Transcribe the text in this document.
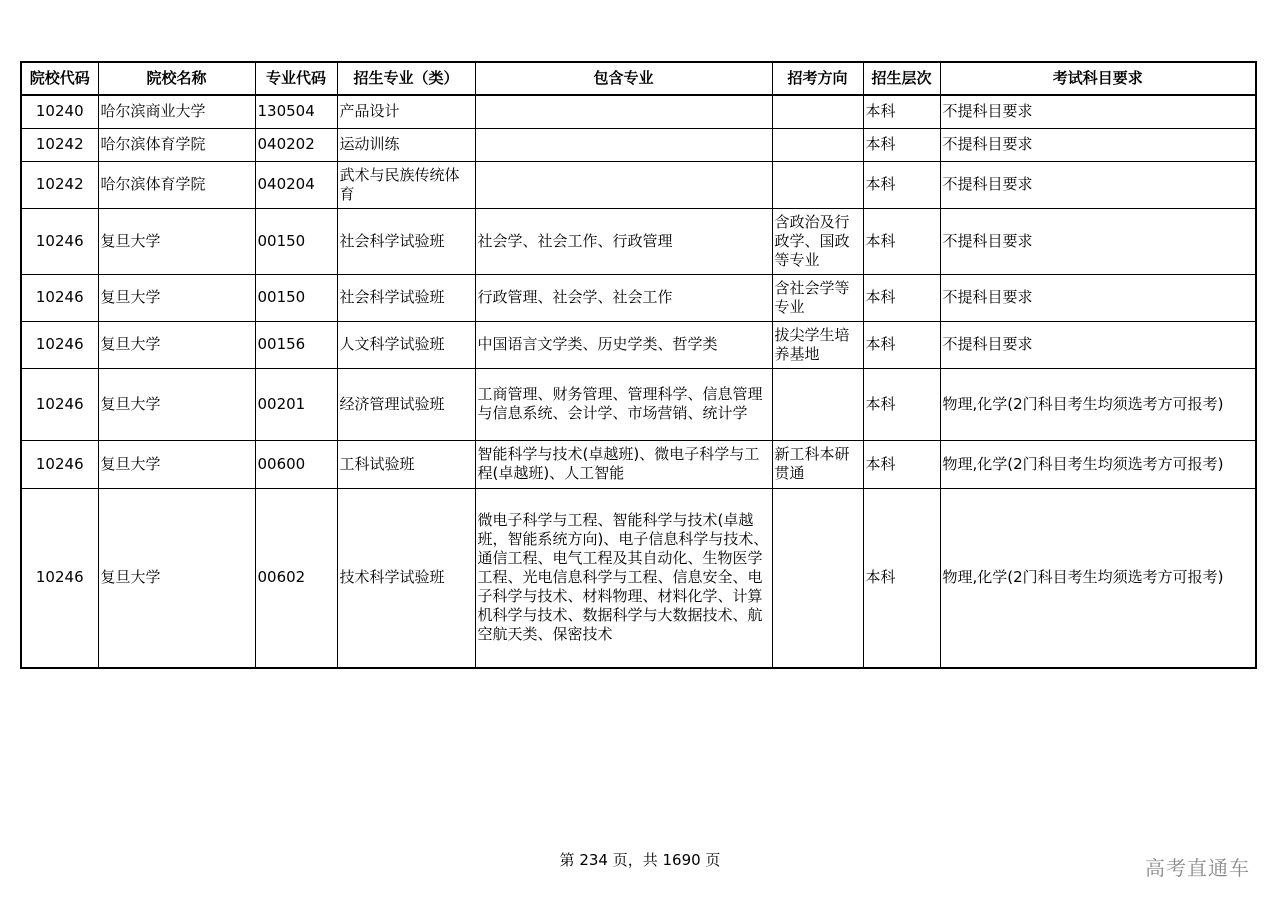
院校代码	院校名称	专业代码	招生专业（类）	包含专业	招考方向	招生层次	考试科目要求
10240	哈尔滨商业大学	130504	产品设计			本科	不提科目要求
10242	哈尔滨体育学院	040202	运动训练			本科	不提科目要求
10242	哈尔滨体育学院	040204	武术与民族传统体育			本科	不提科目要求
10246	复旦大学	00150	社会科学试验班	社会学、社会工作、行政管理	含政治及行政学、国政等专业	本科	不提科目要求
10246	复旦大学	00150	社会科学试验班	行政管理、社会学、社会工作	含社会学等专业	本科	不提科目要求
10246	复旦大学	00156	人文科学试验班	中国语言文学类、历史学类、哲学类	拔尖学生培养基地	本科	不提科目要求
10246	复旦大学	00201	经济管理试验班	工商管理、财务管理、管理科学、信息管理与信息系统、会计学、市场营销、统计学		本科	物理,化学(2门科目考生均须选考方可报考)
10246	复旦大学	00600	工科试验班	智能科学与技术(卓越班)、微电子科学与工程(卓越班)、人工智能	新工科本研贯通	本科	物理,化学(2门科目考生均须选考方可报考)
10246	复旦大学	00602	技术科学试验班	微电子科学与工程、智能科学与技术(卓越班，智能系统方向)、电子信息科学与技术、通信工程、电气工程及其自动化、生物医学工程、光电信息科学与工程、信息安全、电子科学与技术、材料物理、材料化学、计算机科学与技术、数据科学与大数据技术、航空航天类、保密技术		本科	物理,化学(2门科目考生均须选考方可报考)
第 234 页，共 1690 页	高考直通车
